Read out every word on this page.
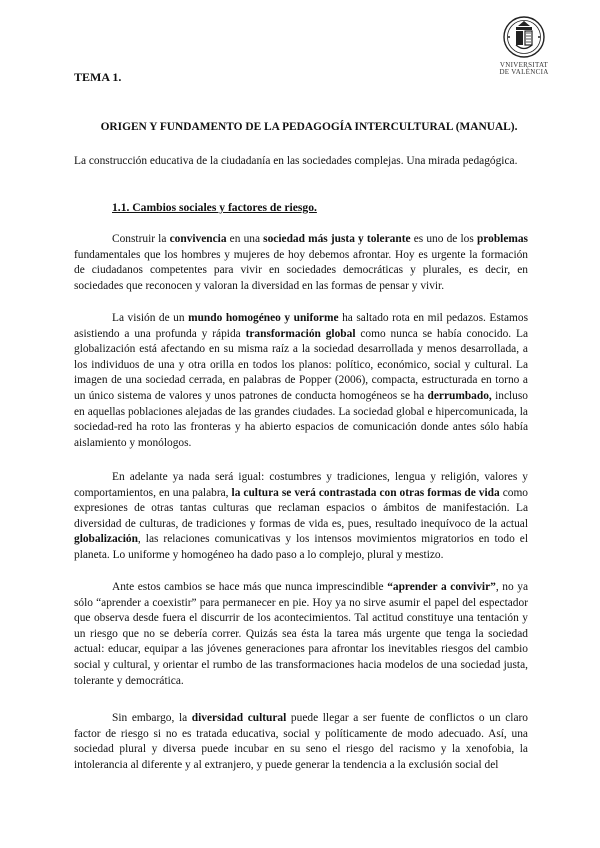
VNIVERSITAT
DE VALÈNCIA
TEMA 1.
ORIGEN Y FUNDAMENTO DE LA PEDAGOGÍA INTERCULTURAL (MANUAL).

La construcción educativa de la ciudadanía en las sociedades complejas. Una mirada pedagógica.

1.1. Cambios sociales y factores de riesgo.

Construir la convivencia en una sociedad más justa y tolerante es uno de los problemas fundamentales que los hombres y mujeres de hoy debemos afrontar. Hoy es urgente la formación de ciudadanos competentes para vivir en sociedades democráticas y plurales, es decir, en sociedades que reconocen y valoran la diversidad en las formas de pensar y vivir.

La visión de un mundo homogéneo y uniforme ha saltado rota en mil pedazos. Estamos asistiendo a una profunda y rápida transformación global como nunca se había conocido. La globalización está afectando en su misma raíz a la sociedad desarrollada y menos desarrollada, a los individuos de una y otra orilla en todos los planos: político, económico, social y cultural. La imagen de una sociedad cerrada, en palabras de Popper (2006), compacta, estructurada en torno a un único sistema de valores y unos patrones de conducta homogéneos se ha derrumbado, incluso en aquellas poblaciones alejadas de las grandes ciudades. La sociedad global e hipercomunicada, la sociedad-red ha roto las fronteras y ha abierto espacios de comunicación donde antes sólo había aislamiento y monólogos.

En adelante ya nada será igual: costumbres y tradiciones, lengua y religión, valores y comportamientos, en una palabra, la cultura se verá contrastada con otras formas de vida como expresiones de otras tantas culturas que reclaman espacios o ámbitos de manifestación. La diversidad de culturas, de tradiciones y formas de vida es, pues, resultado inequívoco de la actual globalización, las relaciones comunicativas y los intensos movimientos migratorios en todo el planeta. Lo uniforme y homogéneo ha dado paso a lo complejo, plural y mestizo.

Ante estos cambios se hace más que nunca imprescindible “aprender a convivir”, no ya sólo “aprender a coexistir” para permanecer en pie. Hoy ya no sirve asumir el papel del espectador que observa desde fuera el discurrir de los acontecimientos. Tal actitud constituye una tentación y un riesgo que no se debería correr. Quizás sea ésta la tarea más urgente que tenga la sociedad actual: educar, equipar a las jóvenes generaciones para afrontar los inevitables riesgos del cambio social y cultural, y orientar el rumbo de las transformaciones hacia modelos de una sociedad justa, tolerante y democrática.

Sin embargo, la diversidad cultural puede llegar a ser fuente de conflictos o un claro factor de riesgo si no es tratada educativa, social y políticamente de modo adecuado. Así, una sociedad plural y diversa puede incubar en su seno el riesgo del racismo y la xenofobia, la intolerancia al diferente y al extranjero, y puede generar la tendencia a la exclusión social del
